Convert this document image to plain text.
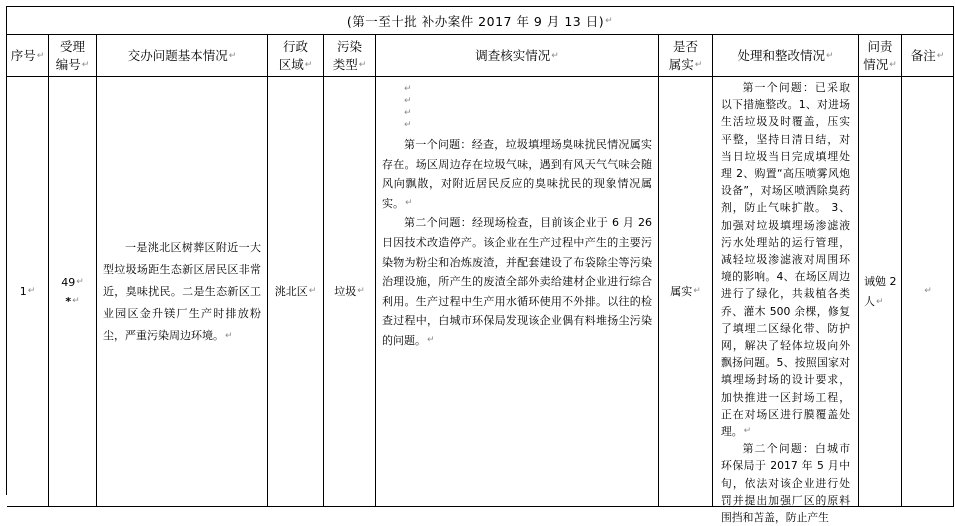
(第一至十批 补办案件 2017 年 9 月 13 日) ↵
序号↵
受理
编号↵
交办问题基本情况↵
行政
区域↵
污染
类型↵
调查核实情况↵
是否
属实↵
处理和整改情况↵
问责
情况↵
备注↵
1↵
49↵
*↵

一是洮北区树葬区附近一大型垃圾场距生态新区居民区非常近，臭味扰民。二是生态新区工业园区金升镁厂生产时排放粉尘，严重污染周边环境。↵

洮北区↵ 垃圾↵
↵
↵
↵
↵

第一个问题：经查，垃圾填埋场臭味扰民情况属实存在。场区周边存在垃圾气味，遇到有风天气气味会随风向飘散，对附近居民反应的臭味扰民的现象情况属实。↵

第二个问题：经现场检查，目前该企业于 6 月 26 日因技术改造停产。该企业在生产过程中产生的主要污染物为粉尘和冶炼废渣，并配套建设了布袋除尘等污染治理设施，所产生的废渣全部外卖给建材企业进行综合利用。生产过程中生产用水循环使用不外排。以往的检查过程中，白城市环保局发现该企业偶有料堆扬尘污染的问题。↵

属实↵

第一个问题：已采取以下措施整改。1、对进场生活垃圾及时覆盖，压实平整，坚持日清日结，对当日垃圾当日完成填埋处理 2、购置“高压喷雾风炮设备”，对场区喷洒除臭药剂，防止气味扩散。 3、加强对垃圾填埋场渗滤液污水处理站的运行管理，减轻垃圾渗滤液对周围环境的影响。4、在场区周边进行了绿化，共栽植各类乔、灌木 500 余棵，修复了填埋二区绿化带、防护网，解决了轻体垃圾向外飘扬问题。5、按照国家对填埋场封场的设计要求，加快推进一区封场工程，正在对场区进行膜覆盖处理。↵

第二个问题：白城市环保局于 2017 年 5 月中旬，依法对该企业进行处罚并提出加强厂区的原料围挡和苫盖，防止产生

诫勉 2 人↵
↵
